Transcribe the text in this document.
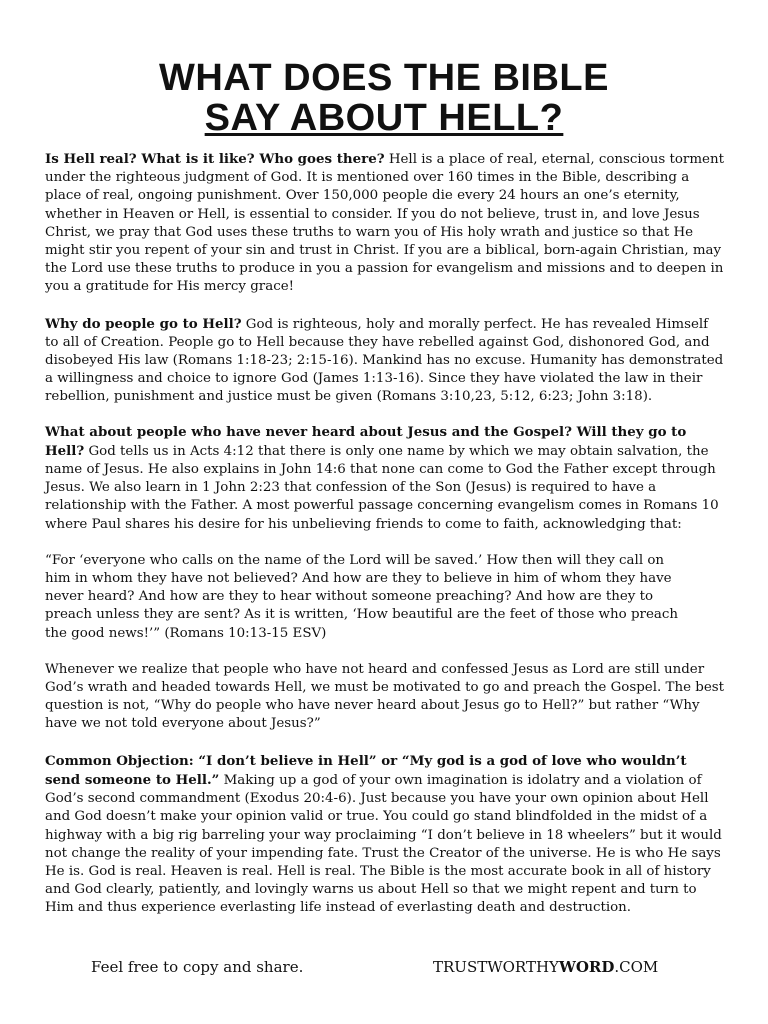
WHAT DOES THE BIBLE
SAY ABOUT HELL?

Is Hell real? What is it like? Who goes there? Hell is a place of real, eternal, conscious torment under the righteous judgment of God. It is mentioned over 160 times in the Bible, describing a place of real, ongoing punishment. Over 150,000 people die every 24 hours an one’s eternity, whether in Heaven or Hell, is essential to consider. If you do not believe, trust in, and love Jesus Christ, we pray that God uses these truths to warn you of His holy wrath and justice so that He might stir you repent of your sin and trust in Christ. If you are a biblical, born-again Christian, may the Lord use these truths to produce in you a passion for evangelism and missions and to deepen in you a gratitude for His mercy grace!

Why do people go to Hell? God is righteous, holy and morally perfect. He has revealed Himself to all of Creation. People go to Hell because they have rebelled against God, dishonored God, and disobeyed His law (Romans 1:18-23; 2:15-16). Mankind has no excuse. Humanity has demonstrated a willingness and choice to ignore God (James 1:13-16). Since they have violated the law in their rebellion, punishment and justice must be given (Romans 3:10,23, 5:12, 6:23; John 3:18).

What about people who have never heard about Jesus and the Gospel? Will they go to Hell? God tells us in Acts 4:12 that there is only one name by which we may obtain salvation, the name of Jesus. He also explains in John 14:6 that none can come to God the Father except through Jesus. We also learn in 1 John 2:23 that confession of the Son (Jesus) is required to have a relationship with the Father. A most powerful passage concerning evangelism comes in Romans 10 where Paul shares his desire for his unbelieving friends to come to faith, acknowledging that:

“For ‘everyone who calls on the name of the Lord will be saved.’ How then will they call on him in whom they have not believed? And how are they to believe in him of whom they have never heard? And how are they to hear without someone preaching? And how are they to preach unless they are sent? As it is written, ‘How beautiful are the feet of those who preach the good news!’” (Romans 10:13-15 ESV)

Whenever we realize that people who have not heard and confessed Jesus as Lord are still under God’s wrath and headed towards Hell, we must be motivated to go and preach the Gospel. The best question is not, “Why do people who have never heard about Jesus go to Hell?” but rather “Why have we not told everyone about Jesus?”

Common Objection: “I don’t believe in Hell” or “My god is a god of love who wouldn’t send someone to Hell.” Making up a god of your own imagination is idolatry and a violation of God’s second commandment (Exodus 20:4-6). Just because you have your own opinion about Hell and God doesn’t make your opinion valid or true. You could go stand blindfolded in the midst of a highway with a big rig barreling your way proclaiming “I don’t believe in 18 wheelers” but it would not change the reality of your impending fate. Trust the Creator of the universe. He is who He says He is. God is real. Heaven is real. Hell is real. The Bible is the most accurate book in all of history and God clearly, patiently, and lovingly warns us about Hell so that we might repent and turn to Him and thus experience everlasting life instead of everlasting death and destruction.

Feel free to copy and share.	TRUSTWORTHYWORD.COM
